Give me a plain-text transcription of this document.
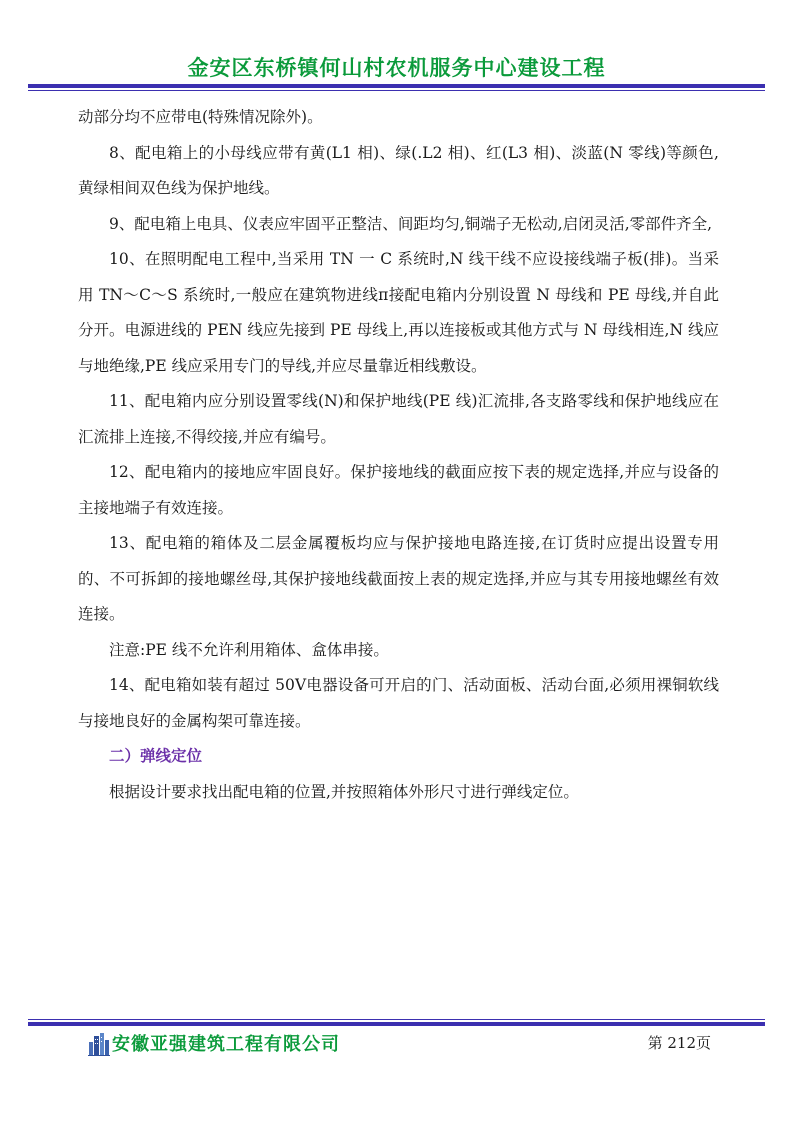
金安区东桥镇何山村农机服务中心建设工程

动部分均不应带电(特殊情况除外)。

8、配电箱上的小母线应带有黄(L1 相)、绿(.L2 相)、红(L3 相)、淡蓝(N 零线)等颜色,黄绿相间双色线为保护地线。

9、配电箱上电具、仪表应牢固平正整洁、间距均匀,铜端子无松动,启闭灵活,零部件齐全,

10、在照明配电工程中,当采用 TN 一 C 系统时,N 线干线不应设接线端子板(排)。当采用 TN～C～S 系统时,一般应在建筑物进线π接配电箱内分别设置 N 母线和 PE 母线,并自此分开。电源进线的 PEN 线应先接到 PE 母线上,再以连接板或其他方式与 N 母线相连,N 线应与地绝缘,PE 线应采用专门的导线,并应尽量靠近相线敷设。

11、配电箱内应分别设置零线(N)和保护地线(PE 线)汇流排,各支路零线和保护地线应在汇流排上连接,不得绞接,并应有编号。

12、配电箱内的接地应牢固良好。保护接地线的截面应按下表的规定选择,并应与设备的主接地端子有效连接。

13、配电箱的箱体及二层金属覆板均应与保护接地电路连接,在订货时应提出设置专用的、不可拆卸的接地螺丝母,其保护接地线截面按上表的规定选择,并应与其专用接地螺丝有效连接。

注意:PE 线不允许利用箱体、盒体串接。

14、配电箱如装有超过 50Ⅴ电器设备可开启的门、活动面板、活动台面,必须用裸铜软线与接地良好的金属构架可靠连接。

二）弹线定位

根据设计要求找出配电箱的位置,并按照箱体外形尺寸进行弹线定位。

安徽亚强建筑工程有限公司	第 212页
